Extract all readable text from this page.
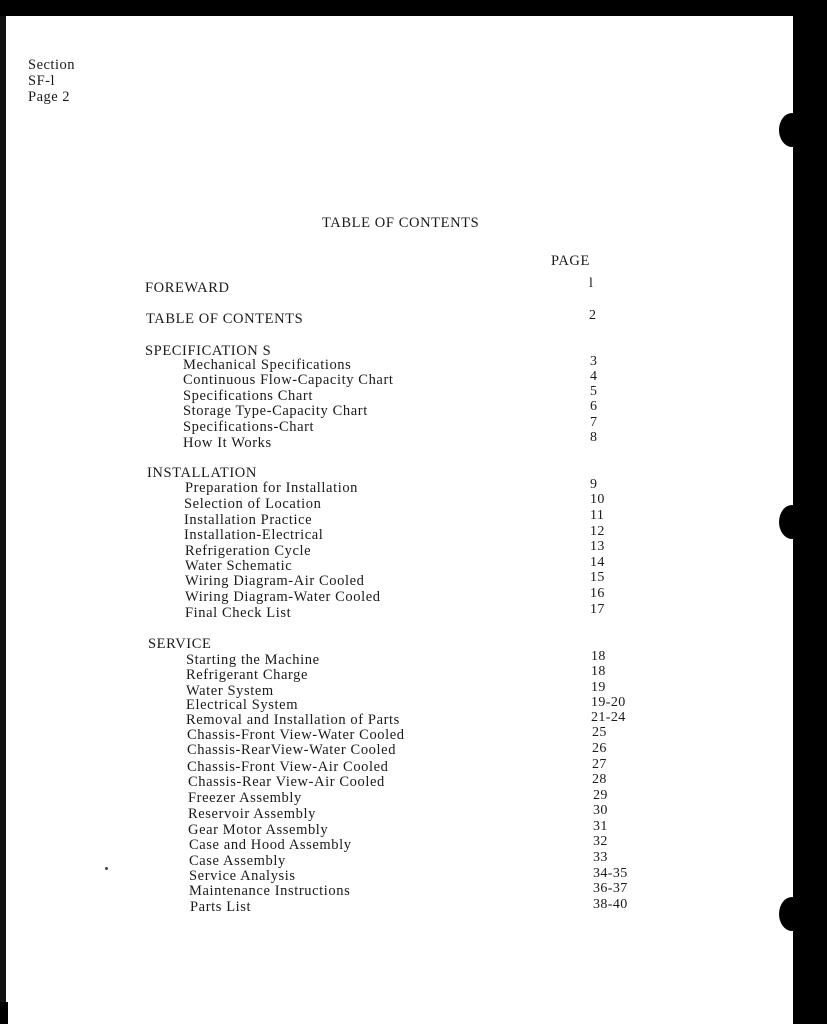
Section
SF-l
Page 2
TABLE OF CONTENTS
PAGE
FOREWARD	l
TABLE OF CONTENTS	2
SPECIFICATION S
Mechanical Specifications	3
Continuous Flow-Capacity Chart	4
Specifications Chart	5
Storage Type-Capacity Chart	6
Specifications-Chart	7
How It Works	8
INSTALLATION
Preparation for Installation	9
Selection of Location	10
Installation Practice	11
Installation-Electrical	12
Refrigeration Cycle	13
Water Schematic	14
Wiring Diagram-Air Cooled	15
Wiring Diagram-Water Cooled	16
Final Check List	17
SERVICE
Starting the Machine	18
Refrigerant Charge	18
Water System	19
Electrical System	19-20
Removal and Installation of Parts	21-24
Chassis-Front View-Water Cooled	25
Chassis-RearView-Water Cooled	26
Chassis-Front View-Air Cooled	27
Chassis-Rear View-Air Cooled	28
Freezer Assembly	29
Reservoir Assembly	30
Gear Motor Assembly	31
Case and Hood Assembly	32
Case Assembly	33
Service Analysis	34-35
Maintenance Instructions	36-37
Parts List	38-40
